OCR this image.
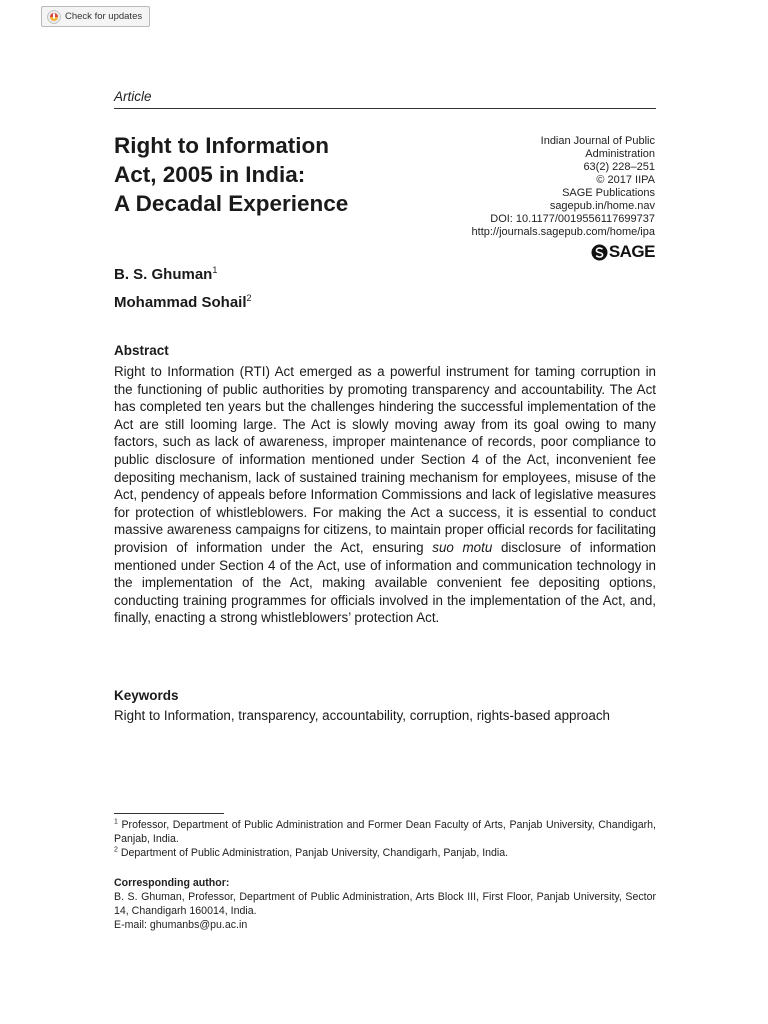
Check for updates
Article
Right to Information
Act, 2005 in India:
A Decadal Experience
Indian Journal of Public
Administration
63(2) 228–251
© 2017 IIPA
SAGE Publications
sagepub.in/home.nav
DOI: 10.1177/0019556117699737
http://journals.sagepub.com/home/ipa
SAGE
B. S. Ghuman$^1$
Mohammad Sohail$^2$
Abstract
Right to Information (RTI) Act emerged as a powerful instrument for taming corruption in the functioning of public authorities by promoting transparency and accountability. The Act has completed ten years but the challenges hindering the successful implementation of the Act are still looming large. The Act is slowly moving away from its goal owing to many factors, such as lack of awareness, improper maintenance of records, poor compliance to public disclosure of information mentioned under Section 4 of the Act, inconvenient fee depositing mechanism, lack of sustained training mechanism for employees, misuse of the Act, pendency of appeals before Information Commissions and lack of legislative measures for protection of whistleblowers. For making the Act a success, it is essential to conduct massive awareness campaigns for citizens, to maintain proper official records for facilitating provision of information under the Act, ensuring suo motu disclosure of information mentioned under Section 4 of the Act, use of information and communication technology in the implementation of the Act, making available convenient fee depositing options, conducting training programmes for officials involved in the implementation of the Act, and, finally, enacting a strong whistleblowers’ protection Act.
Keywords
Right to Information, transparency, accountability, corruption, rights-based approach

$^1$ Professor, Department of Public Administration and Former Dean Faculty of Arts, Panjab University, Chandigarh, Panjab, India.

$^2$ Department of Public Administration, Panjab University, Chandigarh, Panjab, India.

Corresponding author:
B. S. Ghuman, Professor, Department of Public Administration, Arts Block III, First Floor, Panjab University, Sector 14, Chandigarh 160014, India.
E-mail: ghumanbs@pu.ac.in
